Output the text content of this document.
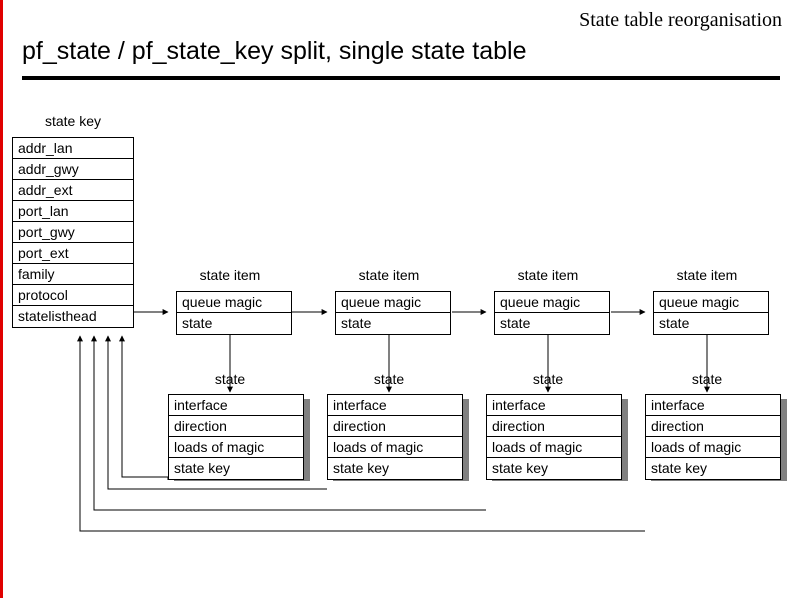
State table reorganisation
pf_state / pf_state_key split, single state table
state key
addr_lan
addr_gwy
addr_ext
port_lan
port_gwy
port_ext
family
protocol
statelisthead
state item
queue magic
state
state item
queue magic
state
state item
queue magic
state
state item
queue magic
state
state
interface
direction
loads of magic
state key
state
interface
direction
loads of magic
state key
state
interface
direction
loads of magic
state key
state
interface
direction
loads of magic
state key
